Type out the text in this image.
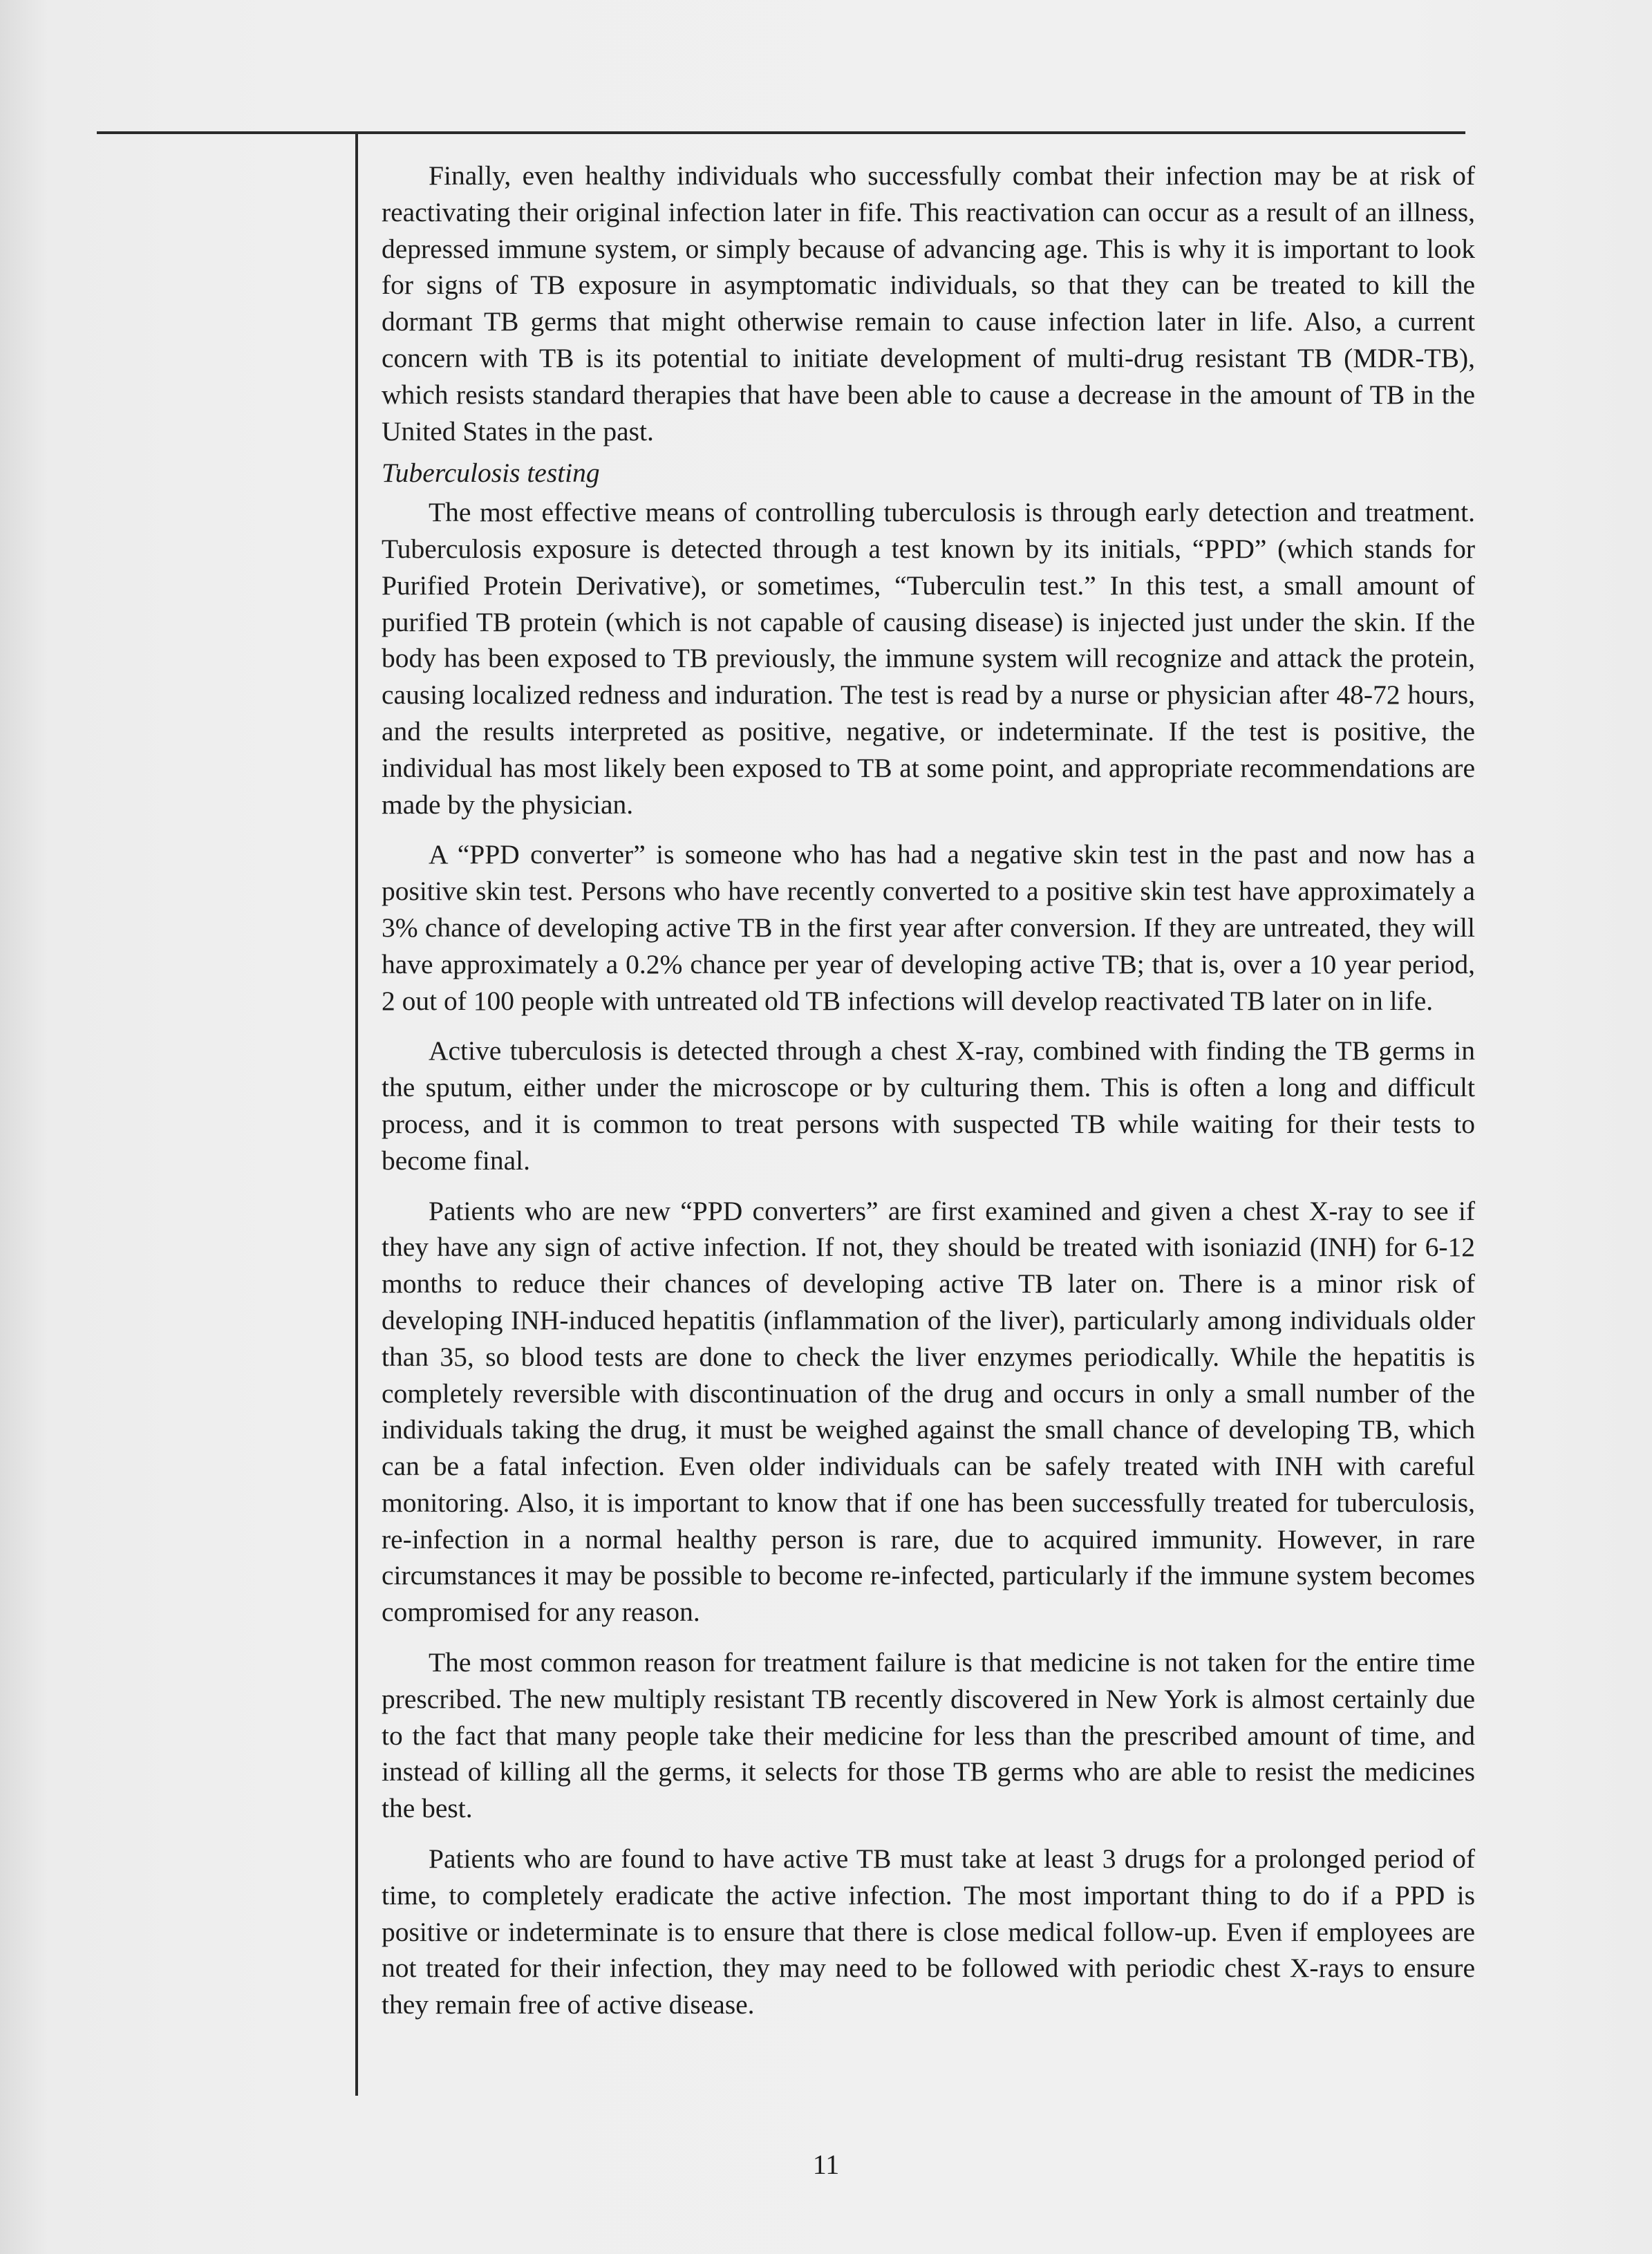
Finally, even healthy individuals who successfully combat their infection may be at risk of reactivating their original infection later in fife. This reactivation can occur as a result of an illness, depressed immune system, or simply because of advancing age. This is why it is important to look for signs of TB exposure in asymptomatic individuals, so that they can be treated to kill the dormant TB germs that might otherwise remain to cause infection later in life. Also, a current concern with TB is its potential to initiate development of multi-drug resistant TB (MDR-TB), which resists standard therapies that have been able to cause a decrease in the amount of TB in the United States in the past.

Tuberculosis testing

The most effective means of controlling tuberculosis is through early detection and treatment. Tuberculosis exposure is detected through a test known by its initials, “PPD” (which stands for Purified Protein Derivative), or sometimes, “Tuberculin test.” In this test, a small amount of purified TB protein (which is not capable of causing disease) is injected just under the skin. If the body has been exposed to TB previously, the immune system will recognize and attack the protein, causing localized redness and induration. The test is read by a nurse or physician after 48-72 hours, and the results interpreted as positive, negative, or indeterminate. If the test is positive, the individual has most likely been exposed to TB at some point, and appropriate recommendations are made by the physician.

A “PPD converter” is someone who has had a negative skin test in the past and now has a positive skin test. Persons who have recently converted to a positive skin test have approximately a 3% chance of developing active TB in the first year after conversion. If they are untreated, they will have approximately a 0.2% chance per year of developing active TB; that is, over a 10 year period, 2 out of 100 people with untreated old TB infections will develop reactivated TB later on in life.

Active tuberculosis is detected through a chest X-ray, combined with finding the TB germs in the sputum, either under the microscope or by culturing them. This is often a long and difficult process, and it is common to treat persons with suspected TB while waiting for their tests to become final.

Patients who are new “PPD converters” are first examined and given a chest X-ray to see if they have any sign of active infection. If not, they should be treated with isoniazid (INH) for 6-12 months to reduce their chances of developing active TB later on. There is a minor risk of developing INH-induced hepatitis (inflammation of the liver), particularly among individuals older than 35, so blood tests are done to check the liver enzymes periodically. While the hepatitis is completely reversible with discontinuation of the drug and occurs in only a small number of the individuals taking the drug, it must be weighed against the small chance of developing TB, which can be a fatal infection. Even older individuals can be safely treated with INH with careful monitoring. Also, it is important to know that if one has been successfully treated for tuberculosis, re-infection in a normal healthy person is rare, due to acquired immunity. However, in rare circumstances it may be possible to become re-infected, particularly if the immune system becomes compromised for any reason.

The most common reason for treatment failure is that medicine is not taken for the entire time prescribed. The new multiply resistant TB recently discovered in New York is almost certainly due to the fact that many people take their medicine for less than the prescribed amount of time, and instead of killing all the germs, it selects for those TB germs who are able to resist the medicines the best.

Patients who are found to have active TB must take at least 3 drugs for a prolonged period of time, to completely eradicate the active infection. The most important thing to do if a PPD is positive or indeterminate is to ensure that there is close medical follow-up. Even if employees are not treated for their infection, they may need to be followed with periodic chest X-rays to ensure they remain free of active disease.

11
